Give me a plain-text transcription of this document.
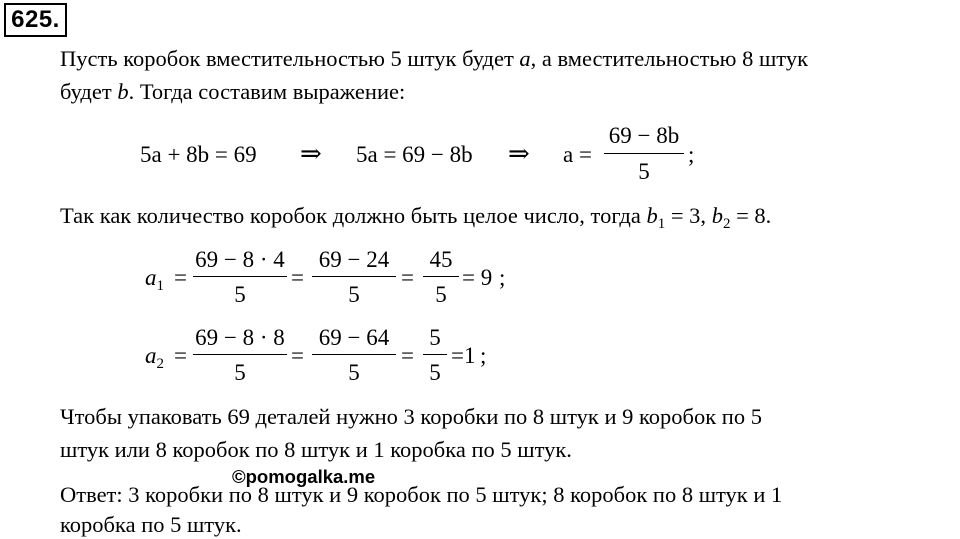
625.
Пусть коробок вместительностью 5 штук будет a, а вместительностью 8 штук
будет b. Тогда составим выражение:
5a + 8b = 69 ⇒ 5a = 69 − 8b ⇒ a =
69 − 8b
5
;
Так как количество коробок должно быть целое число, тогда $b_1 = 3$, $b_2 = 8$.
$a_1$ =
69 − 8 · 4
5
=
69 − 24
5
=
45
5
= 9 ;
$a_2$ =
69 − 8 · 8
5
=
69 − 64
5
=
5
5
=1 ;
Чтобы упаковать 69 деталей нужно 3 коробки по 8 штук и 9 коробок по 5
штук или 8 коробок по 8 штук и 1 коробка по 5 штук.
©pomogalka.me
Ответ: 3 коробки по 8 штук и 9 коробок по 5 штук; 8 коробок по 8 штук и 1
коробка по 5 штук.
